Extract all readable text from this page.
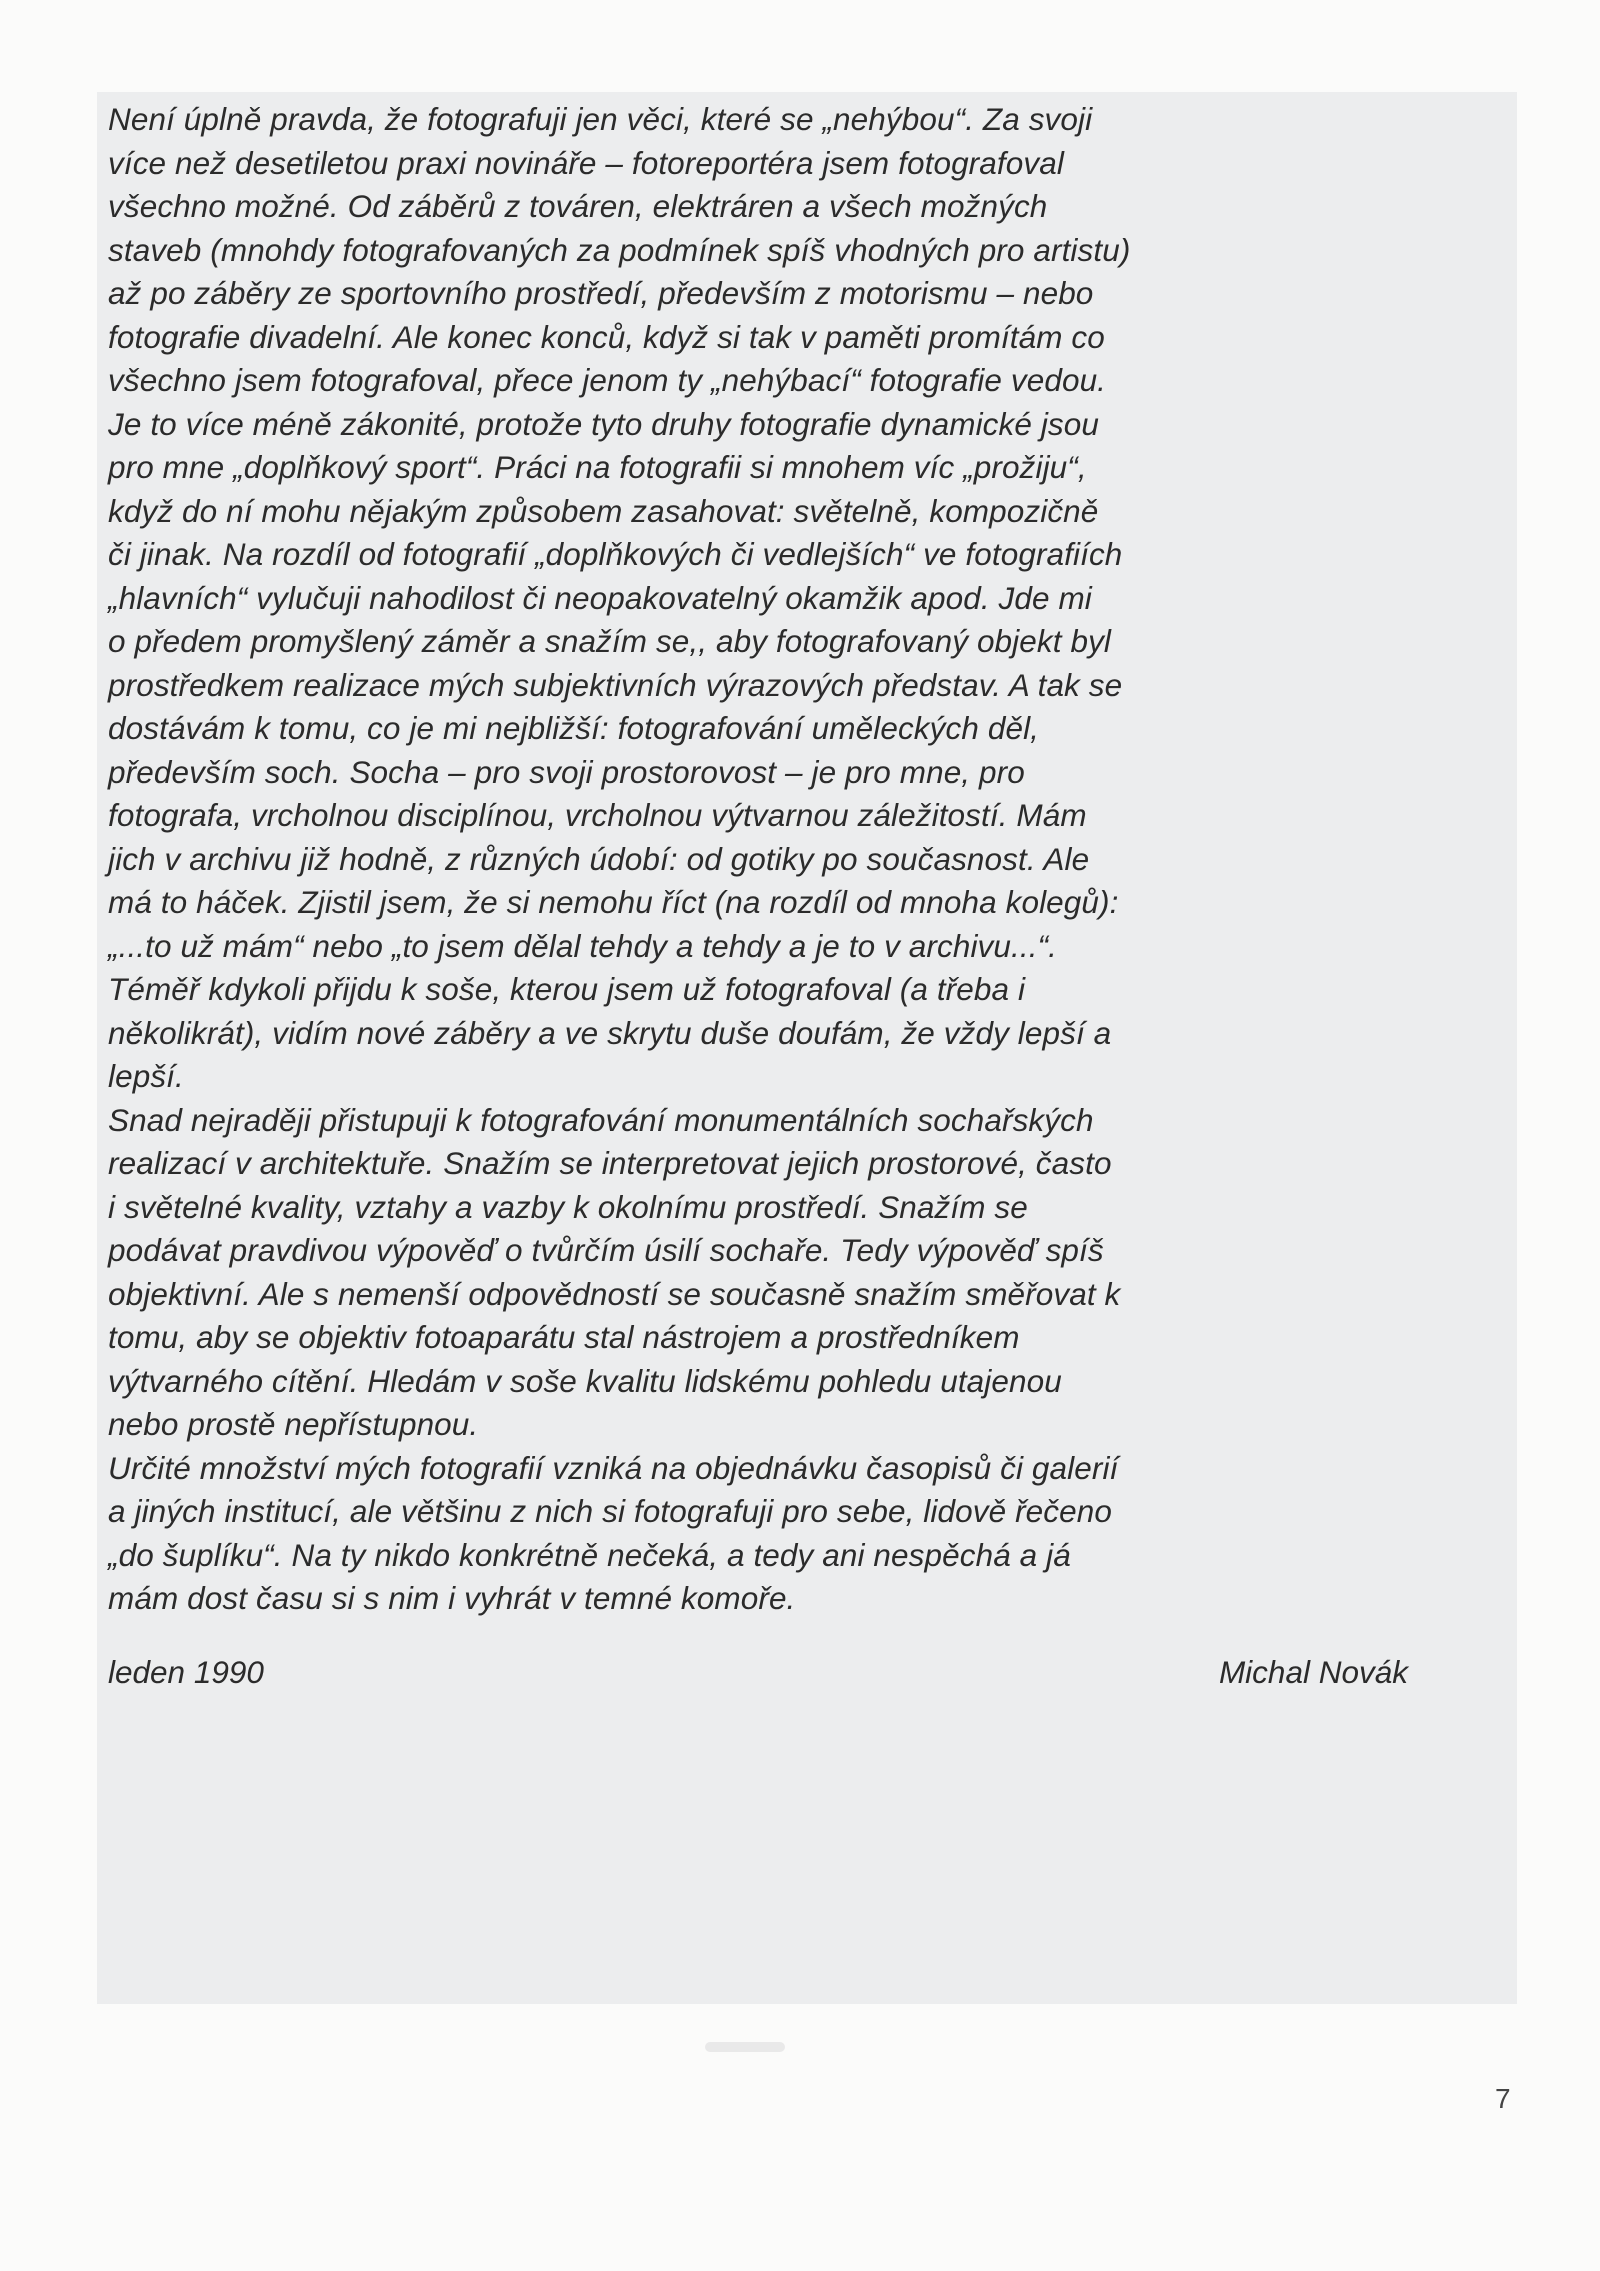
Není úplně pravda, že fotografuji jen věci, které se „nehýbou“. Za svoji
více než desetiletou praxi novináře – fotoreportéra jsem fotografoval
všechno možné. Od záběrů z továren, elektráren a všech možných
staveb (mnohdy fotografovaných za podmínek spíš vhodných pro artistu)
až po záběry ze sportovního prostředí, především z motorismu – nebo
fotografie divadelní. Ale konec konců, když si tak v paměti promítám co
všechno jsem fotografoval, přece jenom ty „nehýbací“ fotografie vedou.
Je to více méně zákonité, protože tyto druhy fotografie dynamické jsou
pro mne „doplňkový sport“. Práci na fotografii si mnohem víc „prožiju“,
když do ní mohu nějakým způsobem zasahovat: světelně, kompozičně
či jinak. Na rozdíl od fotografií „doplňkových či vedlejších“ ve fotografiích
„hlavních“ vylučuji nahodilost či neopakovatelný okamžik apod. Jde mi
o předem promyšlený záměr a snažím se,, aby fotografovaný objekt byl
prostředkem realizace mých subjektivních výrazových představ. A tak se
dostávám k tomu, co je mi nejbližší: fotografování uměleckých děl,
především soch. Socha – pro svoji prostorovost – je pro mne, pro
fotografa, vrcholnou disciplínou, vrcholnou výtvarnou záležitostí. Mám
jich v archivu již hodně, z různých údobí: od gotiky po současnost. Ale
má to háček. Zjistil jsem, že si nemohu říct (na rozdíl od mnoha kolegů):
„...to už mám“ nebo „to jsem dělal tehdy a tehdy a je to v archivu...“.
Téměř kdykoli přijdu k soše, kterou jsem už fotografoval (a třeba i
několikrát), vidím nové záběry a ve skrytu duše doufám, že vždy lepší a
lepší.
Snad nejraději přistupuji k fotografování monumentálních sochařských
realizací v architektuře. Snažím se interpretovat jejich prostorové, často
i světelné kvality, vztahy a vazby k okolnímu prostředí. Snažím se
podávat pravdivou výpověď o tvůrčím úsilí sochaře. Tedy výpověď spíš
objektivní. Ale s nemenší odpovědností se současně snažím směřovat k
tomu, aby se objektiv fotoaparátu stal nástrojem a prostředníkem
výtvarného cítění. Hledám v soše kvalitu lidskému pohledu utajenou
nebo prostě nepřístupnou.
Určité množství mých fotografií vzniká na objednávku časopisů či galerií
a jiných institucí, ale většinu z nich si fotografuji pro sebe, lidově řečeno
„do šuplíku“. Na ty nikdo konkrétně nečeká, a tedy ani nespěchá a já
mám dost času si s nim i vyhrát v temné komoře.
leden 1990	Michal Novák
7
